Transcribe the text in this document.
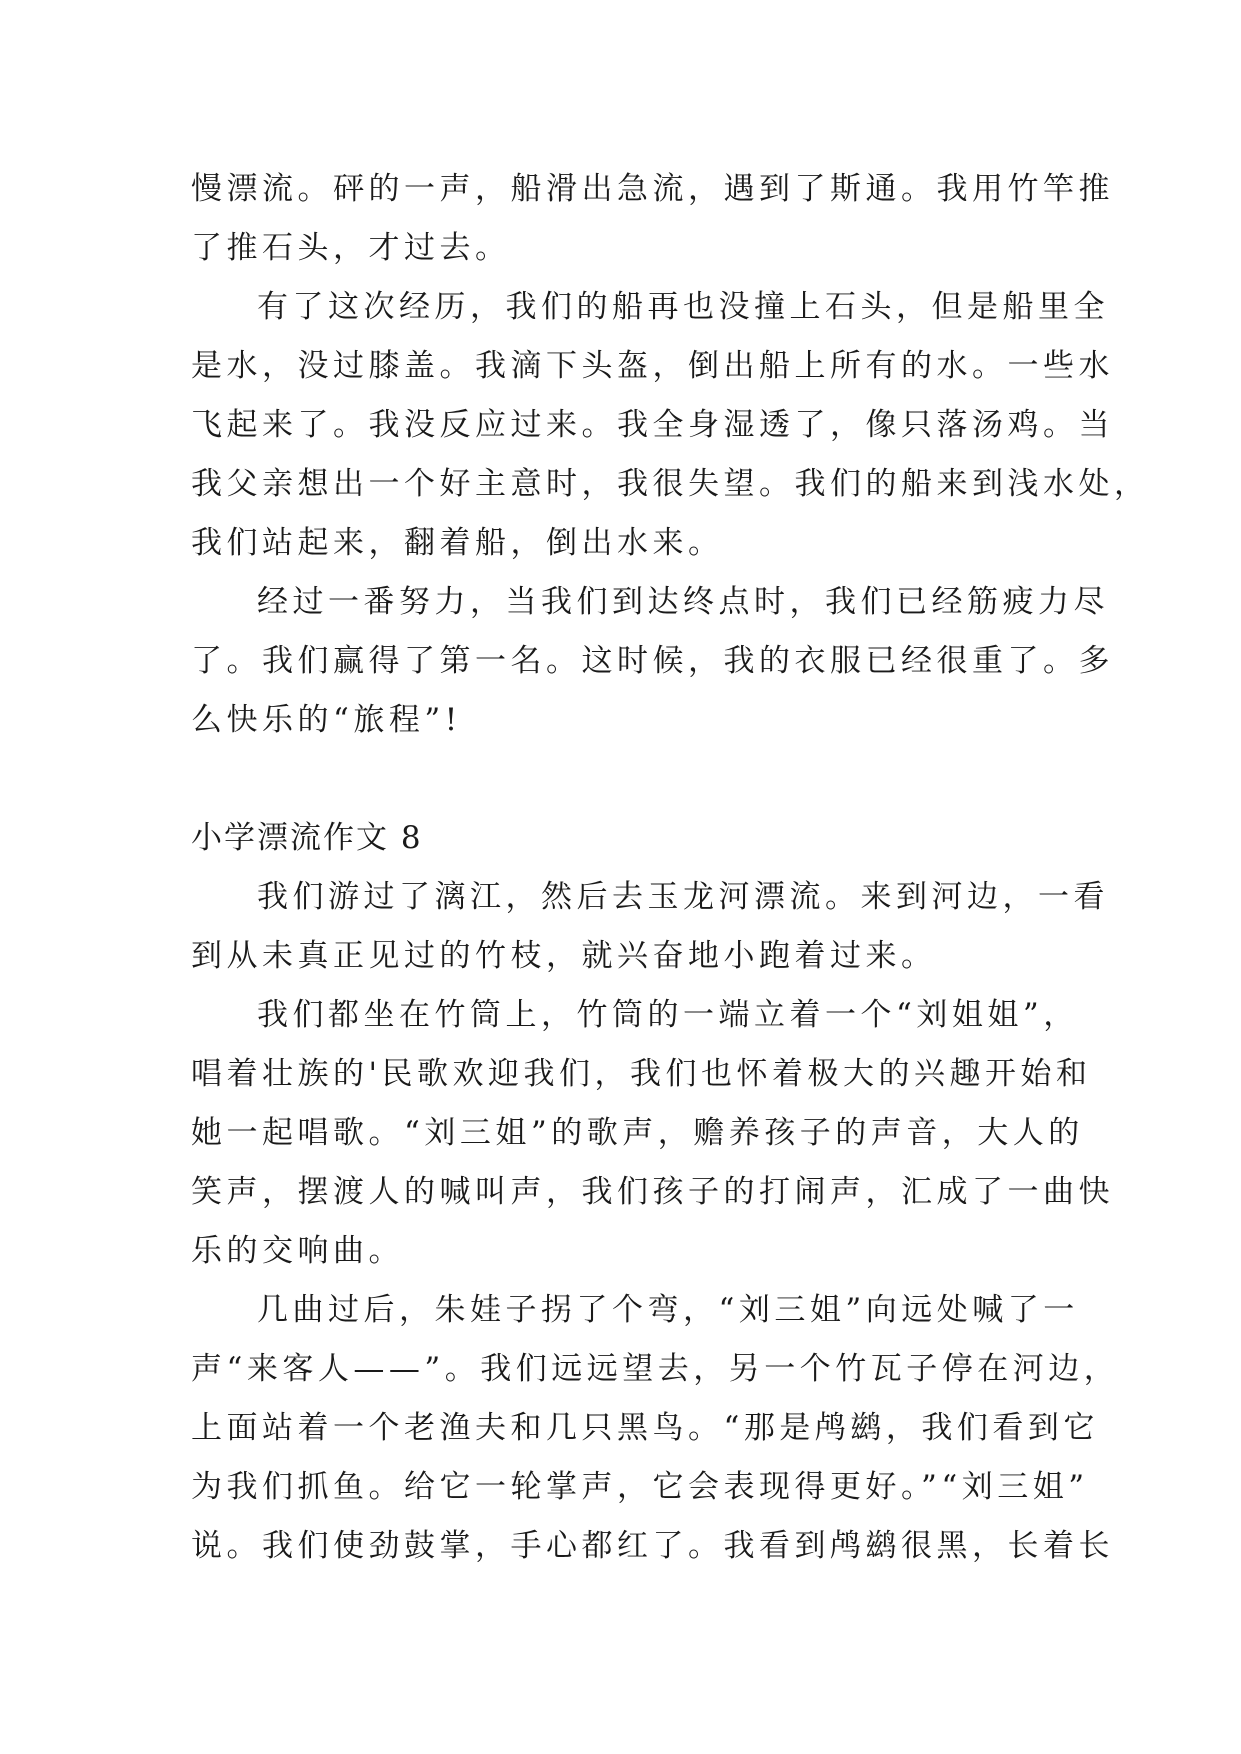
慢漂流。砰的一声，船滑出急流，遇到了斯通。我用竹竿推
了推石头，才过去。
有了这次经历，我们的船再也没撞上石头，但是船里全
是水，没过膝盖。我滴下头盔，倒出船上所有的水。一些水
飞起来了。我没反应过来。我全身湿透了，像只落汤鸡。当
我父亲想出一个好主意时，我很失望。我们的船来到浅水处，
我们站起来，翻着船，倒出水来。
经过一番努力，当我们到达终点时，我们已经筋疲力尽
了。我们赢得了第一名。这时候，我的衣服已经很重了。多
么快乐的“旅程”!
小学漂流作文 8
我们游过了漓江，然后去玉龙河漂流。来到河边，一看
到从未真正见过的竹枝，就兴奋地小跑着过来。
我们都坐在竹筒上，竹筒的一端立着一个“刘姐姐”，
唱着壮族的'民歌欢迎我们，我们也怀着极大的兴趣开始和
她一起唱歌。“刘三姐”的歌声，赡养孩子的声音，大人的
笑声，摆渡人的喊叫声，我们孩子的打闹声，汇成了一曲快
乐的交响曲。
几曲过后，朱娃子拐了个弯，“刘三姐”向远处喊了一
声“来客人——”。我们远远望去，另一个竹瓦子停在河边，
上面站着一个老渔夫和几只黑鸟。“那是鸬鹚，我们看到它
为我们抓鱼。给它一轮掌声，它会表现得更好。”“刘三姐”
说。我们使劲鼓掌，手心都红了。我看到鸬鹚很黑，长着长
